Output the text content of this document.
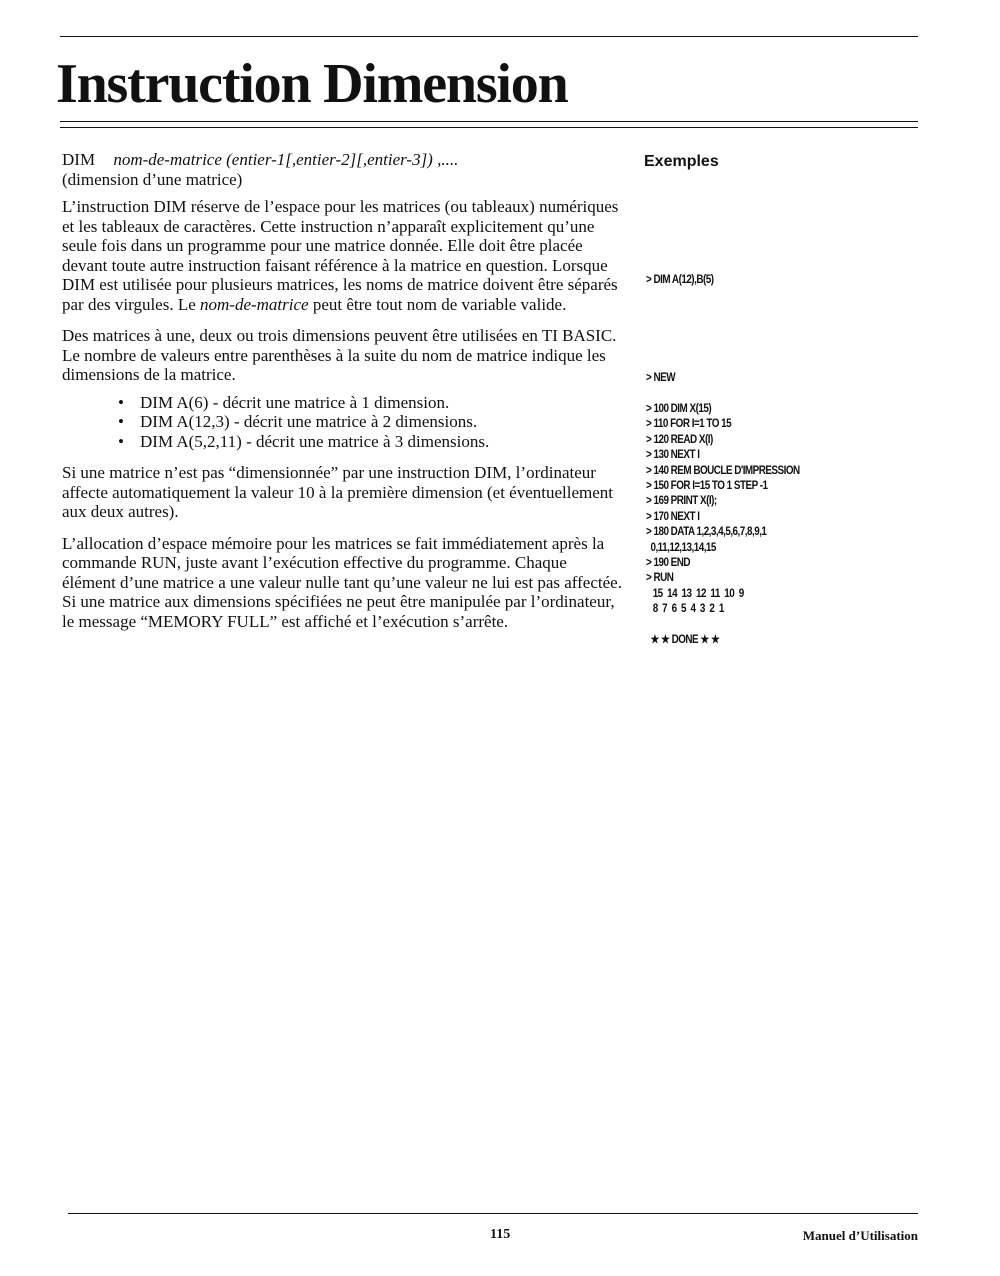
Instruction Dimension
DIM nom-de-matrice (entier-1[,entier-2][,entier-3]) ,....
(dimension d’une matrice)

L’instruction DIM réserve de l’espace pour les matrices (ou tableaux) numériques et les tableaux de caractères. Cette instruction n’apparaît explicitement qu’une seule fois dans un programme pour une matrice donnée. Elle doit être placée devant toute autre instruction faisant référence à la matrice en question. Lorsque DIM est utilisée pour plusieurs matrices, les noms de matrice doivent être séparés par des virgules. Le nom-de-matrice peut être tout nom de variable valide.

Des matrices à une, deux ou trois dimensions peuvent être utilisées en TI BASIC. Le nombre de valeurs entre parenthèses à la suite du nom de matrice indique les dimensions de la matrice.

• DIM A(6) - décrit une matrice à 1 dimension.
• DIM A(12,3) - décrit une matrice à 2 dimensions.
• DIM A(5,2,11) - décrit une matrice à 3 dimensions.

Si une matrice n’est pas “dimensionnée” par une instruction DIM, l’ordinateur affecte automatiquement la valeur 10 à la première dimension (et éventuellement aux deux autres).

L’allocation d’espace mémoire pour les matrices se fait immédiatement après la commande RUN, juste avant l’exécution effective du programme. Chaque élément d’une matrice a une valeur nulle tant qu’une valeur ne lui est pas affectée. Si une matrice aux dimensions spécifiées ne peut être manipulée par l’ordinateur, le message “MEMORY FULL” est affiché et l’exécution s’arrête.

Exemples
> DIM A(12),B(5)
> NEW
> 100 DIM X(15)
> 110 FOR I=1 TO 15
> 120 READ X(I)
> 130 NEXT I
> 140 REM BOUCLE D'IMPRESSION
> 150 FOR I=15 TO 1 STEP -1
> 169 PRINT X(I);
> 170 NEXT I
> 180 DATA 1,2,3,4,5,6,7,8,9,1
0,11,12,13,14,15
> 190 END
> RUN
15  14  13  12  11  10  9
8  7  6  5  4  3  2  1

★ ★ DONE ★ ★
115	Manuel d’Utilisation
